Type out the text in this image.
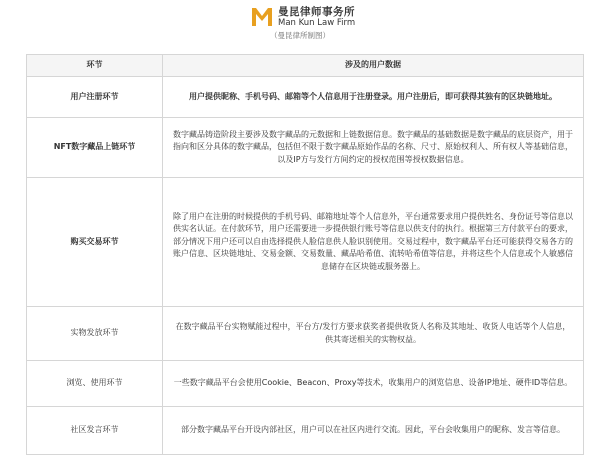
曼昆律师事务所
Man Kun Law Firm
（曼昆律所制图）
环节	涉及的用户数据
用户注册环节	用户提供昵称、手机号码、邮箱等个人信息用于注册登录。用户注册后，即可获得其独有的区块链地址。
NFT数字藏品上链环节	数字藏品铸造阶段主要涉及数字藏品的元数据和上链数据信息。数字藏品的基础数据是数字藏品的底层资产，用于指向和区分具体的数字藏品，包括但不限于数字藏品原始作品的名称、尺寸、原始权利人、所有权人等基础信息，以及IP方与发行方间约定的授权范围等授权数据信息。
购买交易环节	除了用户在注册的时候提供的手机号码、邮箱地址等个人信息外，平台通常要求用户提供姓名、身份证号等信息以供实名认证。在付款环节，用户还需要进一步提供银行账号等信息以供支付的执行。根据第三方付款平台的要求，部分情况下用户还可以自由选择提供人脸信息供人脸识别使用。交易过程中，数字藏品平台还可能获得交易各方的账户信息、区块链地址、交易金额、交易数量、藏品哈希值、流转哈希值等信息，并将这些个人信息或个人敏感信息储存在区块链或服务器上。
实物发放环节	在数字藏品平台实物赋能过程中，平台方/发行方要求获奖者提供收货人名称及其地址、收货人电话等个人信息，供其寄送相关的实物权益。
浏览、使用环节	一些数字藏品平台会使用Cookie、Beacon、Proxy等技术，收集用户的浏览信息、设备IP地址、硬件ID等信息。
社区发言环节	部分数字藏品平台开设内部社区，用户可以在社区内进行交流。因此，平台会收集用户的昵称、发言等信息。
